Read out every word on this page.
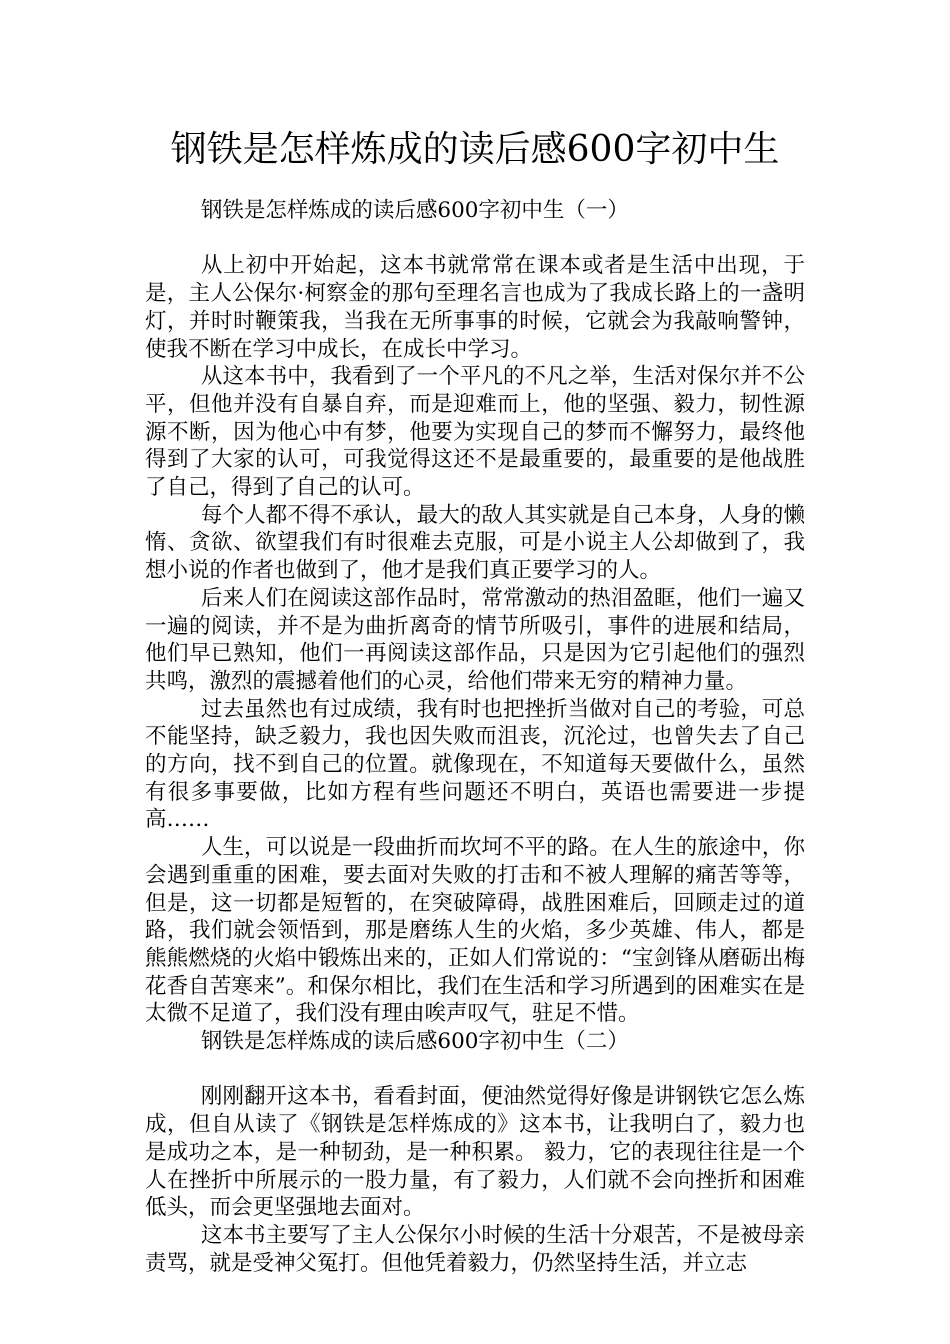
钢铁是怎样炼成的读后感600字初中生

钢铁是怎样炼成的读后感600字初中生（一）

从上初中开始起，这本书就常常在课本或者是生活中出现，于是，主人公保尔·柯察金的那句至理名言也成为了我成长路上的一盏明灯，并时时鞭策我，当我在无所事事的时候，它就会为我敲响警钟，使我不断在学习中成长，在成长中学习。

从这本书中，我看到了一个平凡的不凡之举，生活对保尔并不公平，但他并没有自暴自弃，而是迎难而上，他的坚强、毅力，韧性源源不断，因为他心中有梦，他要为实现自己的梦而不懈努力，最终他得到了大家的认可，可我觉得这还不是最重要的，最重要的是他战胜了自己，得到了自己的认可。

每个人都不得不承认，最大的敌人其实就是自己本身，人身的懒惰、贪欲、欲望我们有时很难去克服，可是小说主人公却做到了，我想小说的作者也做到了，他才是我们真正要学习的人。

后来人们在阅读这部作品时，常常激动的热泪盈眶，他们一遍又一遍的阅读，并不是为曲折离奇的情节所吸引，事件的进展和结局，他们早已熟知，他们一再阅读这部作品，只是因为它引起他们的强烈共鸣，激烈的震撼着他们的心灵，给他们带来无穷的精神力量。

过去虽然也有过成绩，我有时也把挫折当做对自己的考验，可总不能坚持，缺乏毅力，我也因失败而沮丧，沉沦过，也曾失去了自己的方向，找不到自己的位置。就像现在，不知道每天要做什么，虽然有很多事要做，比如方程有些问题还不明白，英语也需要进一步提高……

人生，可以说是一段曲折而坎坷不平的路。在人生的旅途中，你会遇到重重的困难，要去面对失败的打击和不被人理解的痛苦等等，但是，这一切都是短暂的，在突破障碍，战胜困难后，回顾走过的道路，我们就会领悟到，那是磨练人生的火焰，多少英雄、伟人，都是熊熊燃烧的火焰中锻炼出来的，正如人们常说的：“宝剑锋从磨砺出梅花香自苦寒来”。和保尔相比，我们在生活和学习所遇到的困难实在是太微不足道了，我们没有理由唉声叹气，驻足不惜。

钢铁是怎样炼成的读后感600字初中生（二）

刚刚翻开这本书，看看封面，便油然觉得好像是讲钢铁它怎么炼成，但自从读了《钢铁是怎样炼成的》这本书，让我明白了，毅力也是成功之本，是一种韧劲，是一种积累。 毅力，它的表现往往是一个人在挫折中所展示的一股力量，有了毅力，人们就不会向挫折和困难低头，而会更坚强地去面对。

这本书主要写了主人公保尔小时候的生活十分艰苦，不是被母亲责骂，就是受神父冤打。但他凭着毅力，仍然坚持生活，并立志
